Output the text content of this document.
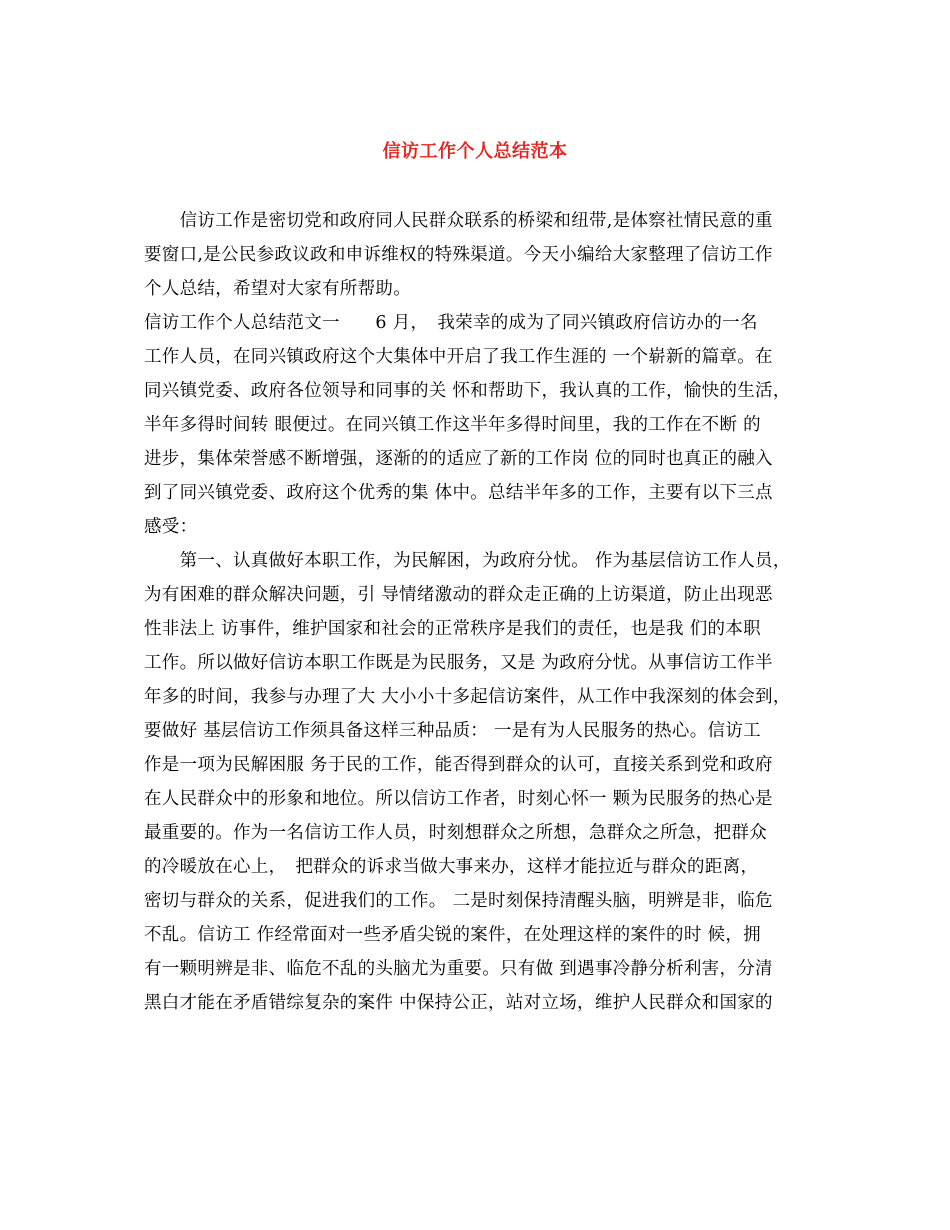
信访工作个人总结范本
　　信访工作是密切党和政府同人民群众联系的桥梁和纽带,是体察社情民意的重
要窗口,是公民参政议政和申诉维权的特殊渠道。今天小编给大家整理了信访工作
个人总结，希望对大家有所帮助。
信访工作个人总结范文一　　6 月，　我荣幸的成为了同兴镇政府信访办的一名
工作人员，在同兴镇政府这个大集体中开启了我工作生涯的 一个崭新的篇章。在
同兴镇党委、政府各位领导和同事的关 怀和帮助下，我认真的工作，愉快的生活，
半年多得时间转 眼便过。在同兴镇工作这半年多得时间里，我的工作在不断 的
进步，集体荣誉感不断增强，逐渐的的适应了新的工作岗 位的同时也真正的融入
到了同兴镇党委、政府这个优秀的集 体中。总结半年多的工作，主要有以下三点
感受：
　　第一、认真做好本职工作，为民解困，为政府分忧。 作为基层信访工作人员，
为有困难的群众解决问题，引 导情绪激动的群众走正确的上访渠道，防止出现恶
性非法上 访事件，维护国家和社会的正常秩序是我们的责任，也是我 们的本职
工作。所以做好信访本职工作既是为民服务，又是 为政府分忧。从事信访工作半
年多的时间，我参与办理了大 大小小十多起信访案件，从工作中我深刻的体会到，
要做好 基层信访工作须具备这样三种品质： 一是有为人民服务的热心。信访工
作是一项为民解困服 务于民的工作，能否得到群众的认可，直接关系到党和政府
在人民群众中的形象和地位。所以信访工作者，时刻心怀一 颗为民服务的热心是
最重要的。作为一名信访工作人员，时刻想群众之所想，急群众之所急，把群众
的冷暖放在心上，　把群众的诉求当做大事来办，这样才能拉近与群众的距离，
密切与群众的关系，促进我们的工作。 二是时刻保持清醒头脑，明辨是非，临危
不乱。信访工 作经常面对一些矛盾尖锐的案件，在处理这样的案件的时 候，拥
有一颗明辨是非、临危不乱的头脑尤为重要。只有做 到遇事冷静分析利害，分清
黑白才能在矛盾错综复杂的案件 中保持公正，站对立场，维护人民群众和国家的
